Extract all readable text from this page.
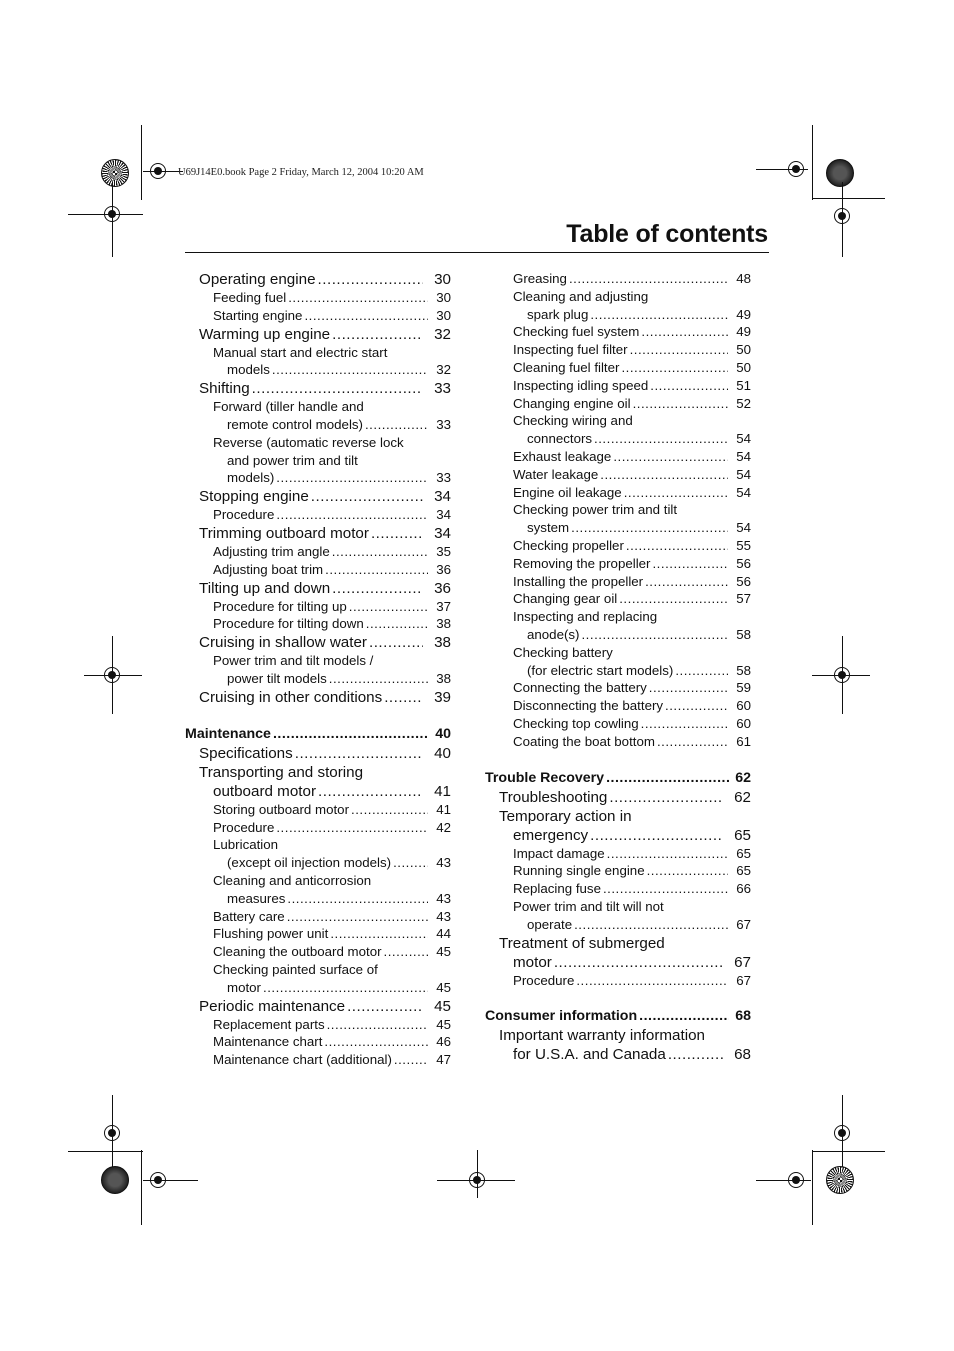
U69J14E0.book Page 2 Friday, March 12, 2004 10:20 AM
Table of contents
Operating engine .....	30
Feeding fuel .....	30
Starting engine .....	30
Warming up engine .....	32
Manual start and electric start
models .....	32
Shifting .....	33
Forward (tiller handle and
remote control models) .....	33
Reverse (automatic reverse lock
and power trim and tilt
models) .....	33
Stopping engine .....	34
Procedure .....	34
Trimming outboard motor .....	34
Adjusting trim angle .....	35
Adjusting boat trim .....	36
Tilting up and down .....	36
Procedure for tilting up .....	37
Procedure for tilting down .....	38
Cruising in shallow water .....	38
Power trim and tilt models /
power tilt models .....	38
Cruising in other conditions .....	39
Maintenance .....	40
Specifications .....	40
Transporting and storing
outboard motor .....	41
Storing outboard motor .....	41
Procedure .....	42
Lubrication
(except oil injection models) .....	43
Cleaning and anticorrosion
measures .....	43
Battery care .....	43
Flushing power unit .....	44
Cleaning the outboard motor .....	45
Checking painted surface of
motor .....	45
Periodic maintenance .....	45
Replacement parts .....	45
Maintenance chart .....	46
Maintenance chart (additional) .....	47
Greasing .....	48
Cleaning and adjusting
spark plug .....	49
Checking fuel system .....	49
Inspecting fuel filter .....	50
Cleaning fuel filter .....	50
Inspecting idling speed .....	51
Changing engine oil .....	52
Checking wiring and
connectors .....	54
Exhaust leakage .....	54
Water leakage .....	54
Engine oil leakage .....	54
Checking power trim and tilt
system .....	54
Checking propeller .....	55
Removing the propeller .....	56
Installing the propeller .....	56
Changing gear oil .....	57
Inspecting and replacing
anode(s) .....	58
Checking battery
(for electric start models) .....	58
Connecting the battery .....	59
Disconnecting the battery .....	60
Checking top cowling .....	60
Coating the boat bottom .....	61
Trouble Recovery .....	62
Troubleshooting .....	62
Temporary action in
emergency .....	65
Impact damage .....	65
Running single engine .....	65
Replacing fuse .....	66
Power trim and tilt will not
operate .....	67
Treatment of submerged
motor .....	67
Procedure .....	67
Consumer information .....	68
Important warranty information
for U.S.A. and Canada .....	68
